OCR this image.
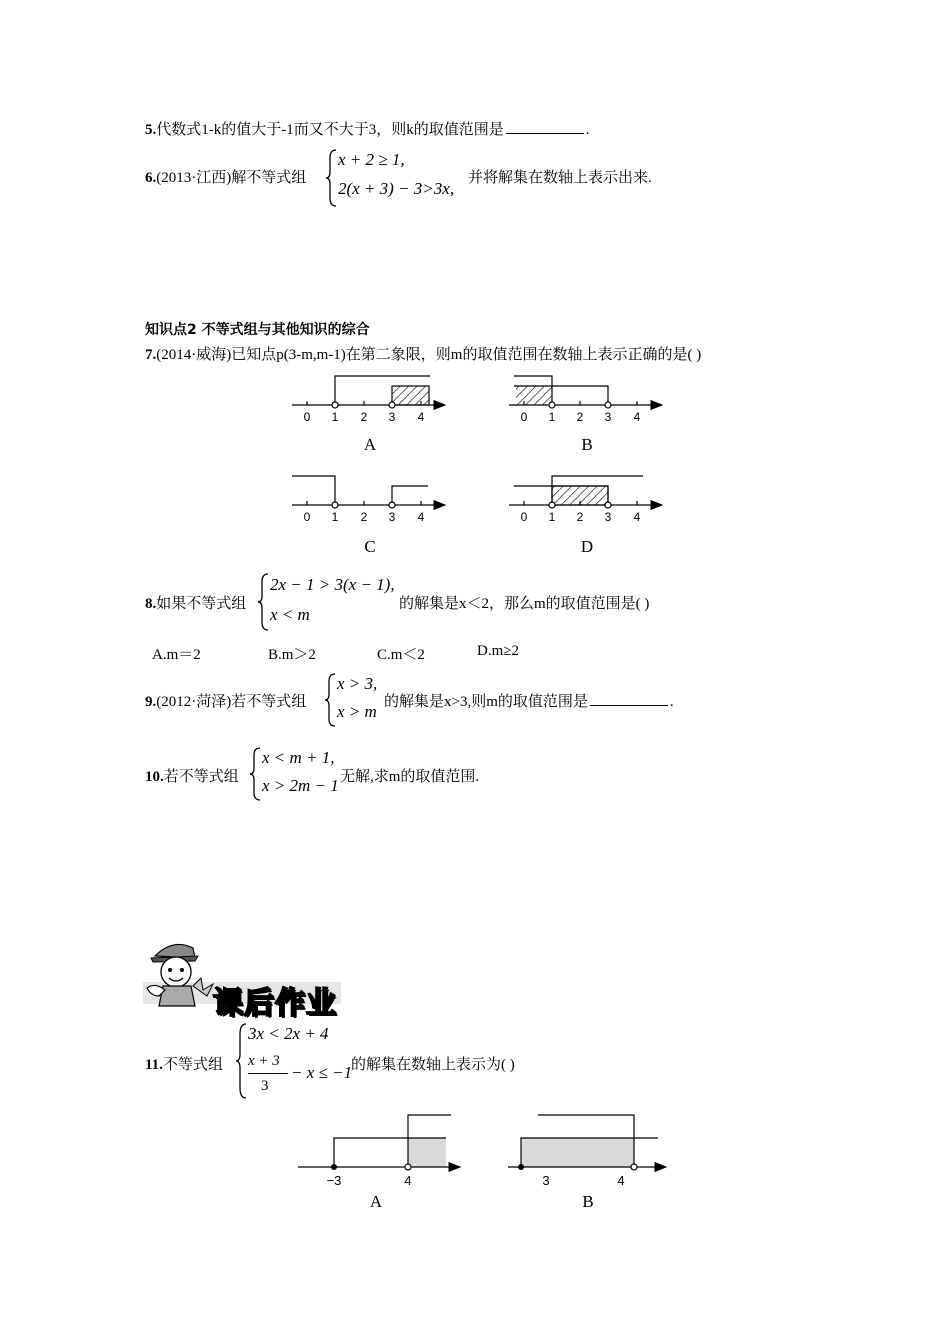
5.代数式1-k的值大于-1而又不大于3，则k的取值范围是	.
6.(2013·江西)解不等式组
x + 2 ≥ 1,
2(x + 3) − 3>3x,
并将解集在数轴上表示出来.
知识点2 不等式组与其他知识的综合
7.(2014·威海)已知点p(3-m,m-1)在第二象限，则m的取值范围在数轴上表示正确的是( )
0 1 2 3 4
A
0 1 2 3 4
B
0 1 2 3 4
C
0 1 2 3 4
D
8.如果不等式组
2x − 1 > 3(x − 1),
x < m
的解集是x＜2，那么m的取值范围是( )
A.m＝2	B.m＞2	C.m＜2	D.m≥2
9.(2012·菏泽)若不等式组
x > 3,
x > m 的解集是x>3,则m的取值范围是	.
10.若不等式组
x < m + 1,
x > 2m − 1 无解,求m的取值范围.
课后作业
11.不等式组
3x < 2x + 4
x + 3
3
− x ≤ −1
的解集在数轴上表示为( )
−3	4
A
3	4
B
